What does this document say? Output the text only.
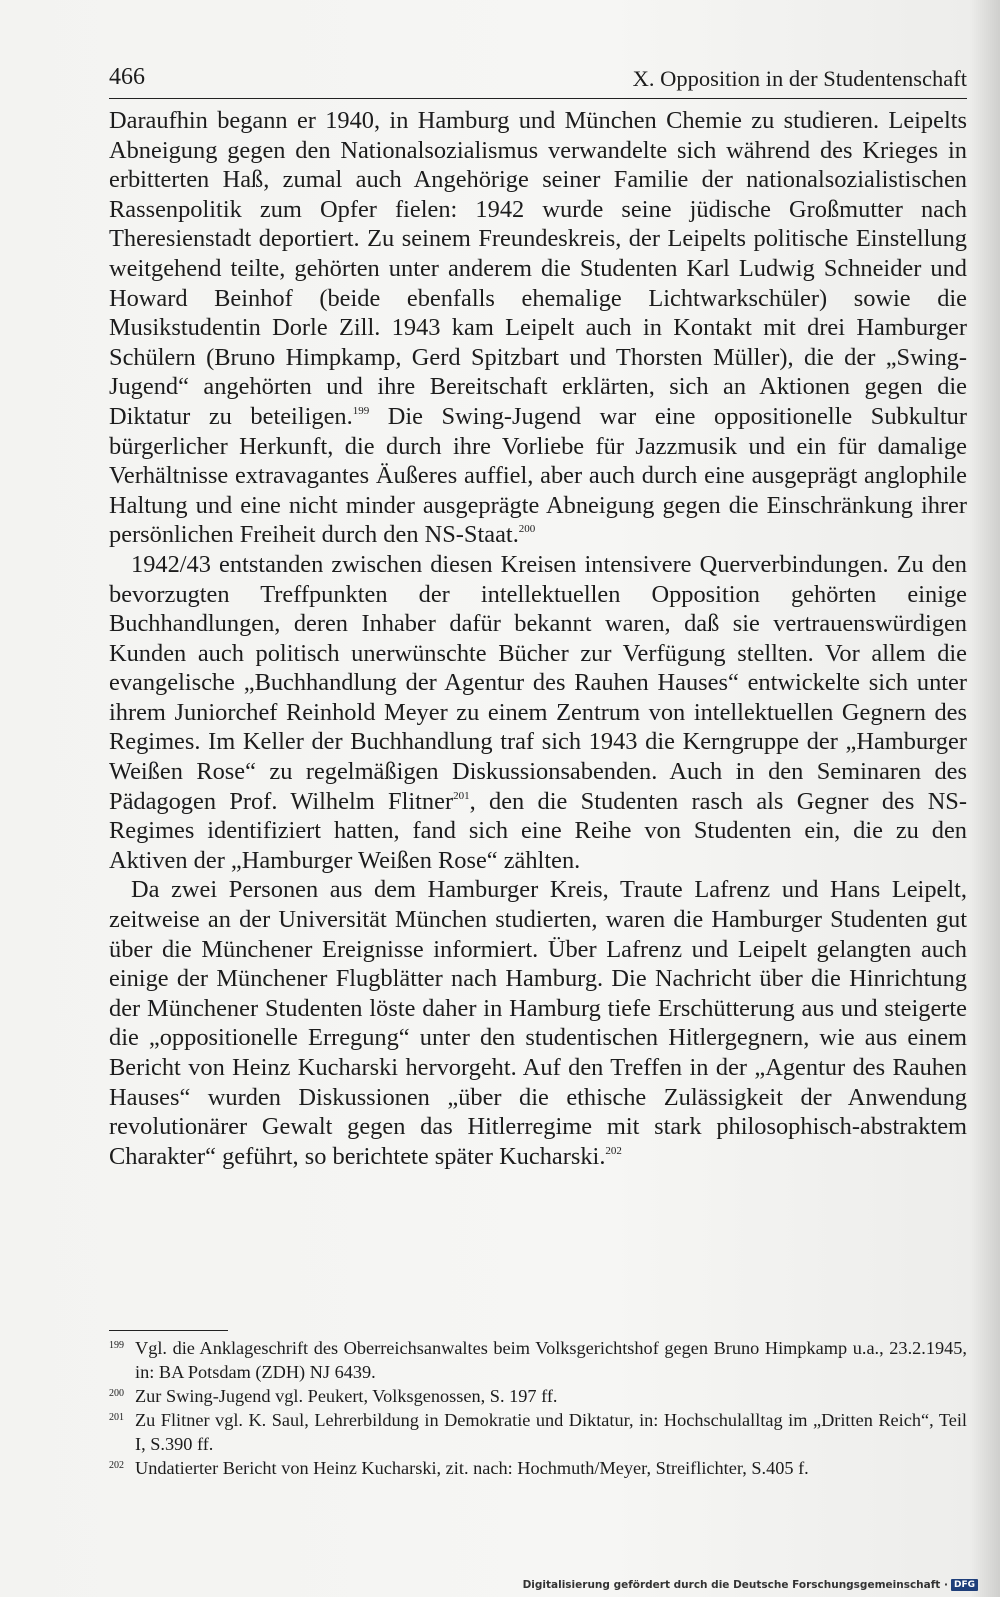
466	X. Opposition in der Studentenschaft

Daraufhin begann er 1940, in Hamburg und München Chemie zu studieren. Leipelts Abneigung gegen den Nationalsozialismus verwandelte sich während des Krieges in erbitterten Haß, zumal auch Angehörige seiner Familie der nationalsozialistischen Rassenpolitik zum Opfer fielen: 1942 wurde seine jüdische Großmutter nach Theresienstadt deportiert. Zu seinem Freundeskreis, der Leipelts politische Einstellung weitgehend teilte, gehörten unter anderem die Studenten Karl Ludwig Schneider und Howard Beinhof (beide ebenfalls ehemalige Lichtwarkschüler) sowie die Musikstudentin Dorle Zill. 1943 kam Leipelt auch in Kontakt mit drei Hamburger Schülern (Bruno Himpkamp, Gerd Spitzbart und Thorsten Müller), die der „Swing-Jugend“ angehörten und ihre Bereitschaft erklärten, sich an Aktionen gegen die Diktatur zu beteiligen.$^{199}$ Die Swing-Jugend war eine oppositionelle Subkultur bürgerlicher Herkunft, die durch ihre Vorliebe für Jazzmusik und ein für damalige Verhältnisse extravagantes Äußeres auffiel, aber auch durch eine ausgeprägt anglophile Haltung und eine nicht minder ausgeprägte Abneigung gegen die Einschränkung ihrer persönlichen Freiheit durch den NS-Staat.$^{200}$

1942/43 entstanden zwischen diesen Kreisen intensivere Querverbindungen. Zu den bevorzugten Treffpunkten der intellektuellen Opposition gehörten einige Buchhandlungen, deren Inhaber dafür bekannt waren, daß sie vertrauenswürdigen Kunden auch politisch unerwünschte Bücher zur Verfügung stellten. Vor allem die evangelische „Buchhandlung der Agentur des Rauhen Hauses“ entwickelte sich unter ihrem Juniorchef Reinhold Meyer zu einem Zentrum von intellektuellen Gegnern des Regimes. Im Keller der Buchhandlung traf sich 1943 die Kerngruppe der „Hamburger Weißen Rose“ zu regelmäßigen Diskussionsabenden. Auch in den Seminaren des Pädagogen Prof. Wilhelm Flitner$^{201}$, den die Studenten rasch als Gegner des NS-Regimes identifiziert hatten, fand sich eine Reihe von Studenten ein, die zu den Aktiven der „Hamburger Weißen Rose“ zählten.

Da zwei Personen aus dem Hamburger Kreis, Traute Lafrenz und Hans Leipelt, zeitweise an der Universität München studierten, waren die Hamburger Studenten gut über die Münchener Ereignisse informiert. Über Lafrenz und Leipelt gelangten auch einige der Münchener Flugblätter nach Hamburg. Die Nachricht über die Hinrichtung der Münchener Studenten löste daher in Hamburg tiefe Erschütterung aus und steigerte die „oppositionelle Erregung“ unter den studentischen Hitlergegnern, wie aus einem Bericht von Heinz Kucharski hervorgeht. Auf den Treffen in der „Agentur des Rauhen Hauses“ wurden Diskussionen „über die ethische Zulässigkeit der Anwendung revolutionärer Gewalt gegen das Hitlerregime mit stark philosophisch-abstraktem Charakter“ geführt, so berichtete später Kucharski.$^{202}$

199 Vgl. die Anklageschrift des Oberreichsanwaltes beim Volksgerichtshof gegen Bruno Himpkamp u.a., 23.2.1945, in: BA Potsdam (ZDH) NJ 6439.
200 Zur Swing-Jugend vgl. Peukert, Volksgenossen, S. 197 ff.
201 Zu Flitner vgl. K. Saul, Lehrerbildung in Demokratie und Diktatur, in: Hochschulalltag im „Dritten Reich“, Teil I, S.390 ff.
202 Undatierter Bericht von Heinz Kucharski, zit. nach: Hochmuth/Meyer, Streiflichter, S.405 f.
Digitalisierung gefördert durch die Deutsche Forschungsgemeinschaft · DFG
